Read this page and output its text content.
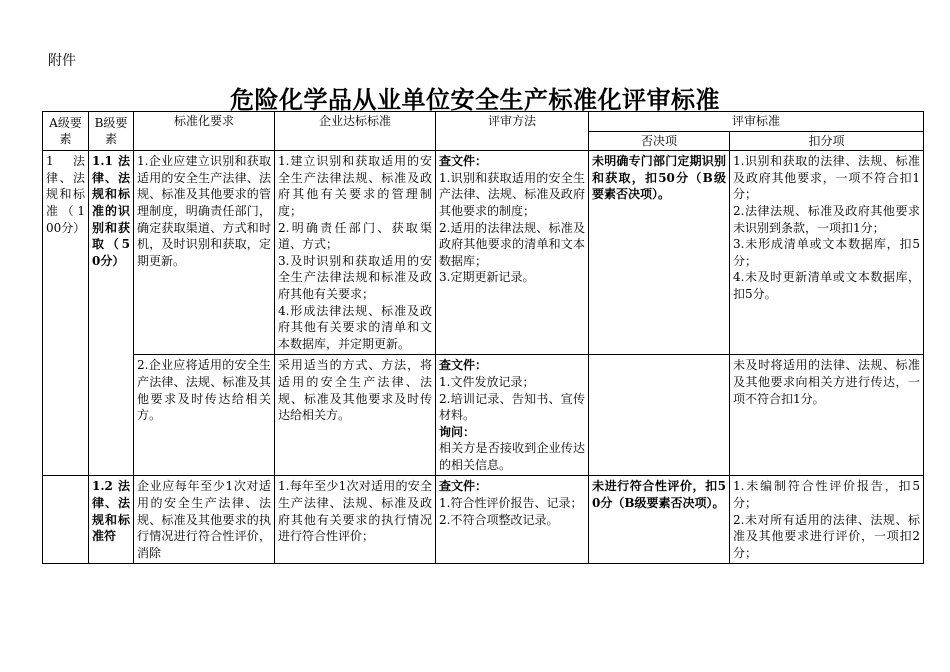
附件
危险化学品从业单位安全生产标准化评审标准
A级要素	B级要素	标准化要求	企业达标标准	评审方法	评审标准	
					否决项	扣分项
1 法律、法规和标准（100分）	1.1法律、法规和标准的识别和获取（50分）	1.企业应建立识别和获取适用的安全生产法律、法规、标准及其他要求的管理制度，明确责任部门，确定获取渠道、方式和时机，及时识别和获取，定期更新。	1.建立识别和获取适用的安全生产法律法规、标准及政府其他有关要求的管理制度；
2.明确责任部门、获取渠道、方式；
3.及时识别和获取适用的安全生产法律法规和标准及政府其他有关要求；
4.形成法律法规、标准及政府其他有关要求的清单和文本数据库，并定期更新。	查文件：
1.识别和获取适用的安全生产法律、法规、标准及政府其他要求的制度；
2.适用的法律法规、标准及政府其他要求的清单和文本数据库；
3.定期更新记录。	未明确专门部门定期识别和获取，扣50分（B级要素否决项）。	1.识别和获取的法律、法规、标准及政府其他要求，一项不符合扣1分；
2.法律法规、标准及政府其他要求未识别到条款，一项扣1分；
3.未形成清单或文本数据库，扣5分；
4.未及时更新清单或文本数据库，扣5分。

		2.企业应将适用的安全生产法律、法规、标准及其他要求及时传达给相关方。	采用适当的方式、方法，将适用的安全生产法律、法规、标准及其他要求及时传达给相关方。	查文件：
1.文件发放记录；
2.培训记录、告知书、宣传材料。
询问：
相关方是否接收到企业传达的相关信息。		未及时将适用的法律、法规、标准及其他要求向相关方进行传达，一项不符合扣1分。
	1.2法律、法规和标准符	企业应每年至少1次对适用的安全生产法律、法规、标准及其他要求的执行情况进行符合性评价，消除	1.每年至少1次对适用的安全生产法律、法规、标准及政府其他有关要求的执行情况进行符合性评价；	查文件：
1.符合性评价报告、记录；
2.不符合项整改记录。	未进行符合性评价，扣50分（B级要素否决项）。	1.未编制符合性评价报告，扣5分；
2.未对所有适用的法律、法规、标准及其他要求进行评价，一项扣2分；
